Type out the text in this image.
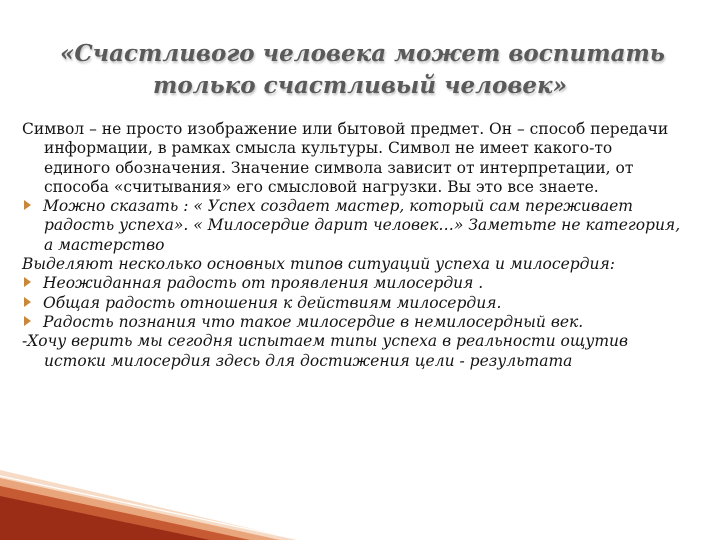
«Счастливого человека может воспитать
только счастливый человек»

Символ – не просто изображение или бытовой предмет. Он – способ передачи информации, в рамках смысла культуры. Символ не имеет какого-то единого обозначения. Значение символа зависит от интерпретации, от способа «считывания» его смысловой нагрузки. Вы это все знаете.

Можно сказать : « Успех создает мастер, который сам переживает радость успеха». « Милосердие дарит человек…» Заметьте не категория, а мастерство

Выделяют несколько основных типов ситуаций успеха и милосердия:

Неожиданная радость от проявления милосердия .

Общая радость отношения к действиям милосердия.

Радость познания что такое милосердие в немилосердный век.

-Хочу верить мы сегодня испытаем типы успеха в реальности ощутив истоки милосердия здесь для достижения цели - результата
